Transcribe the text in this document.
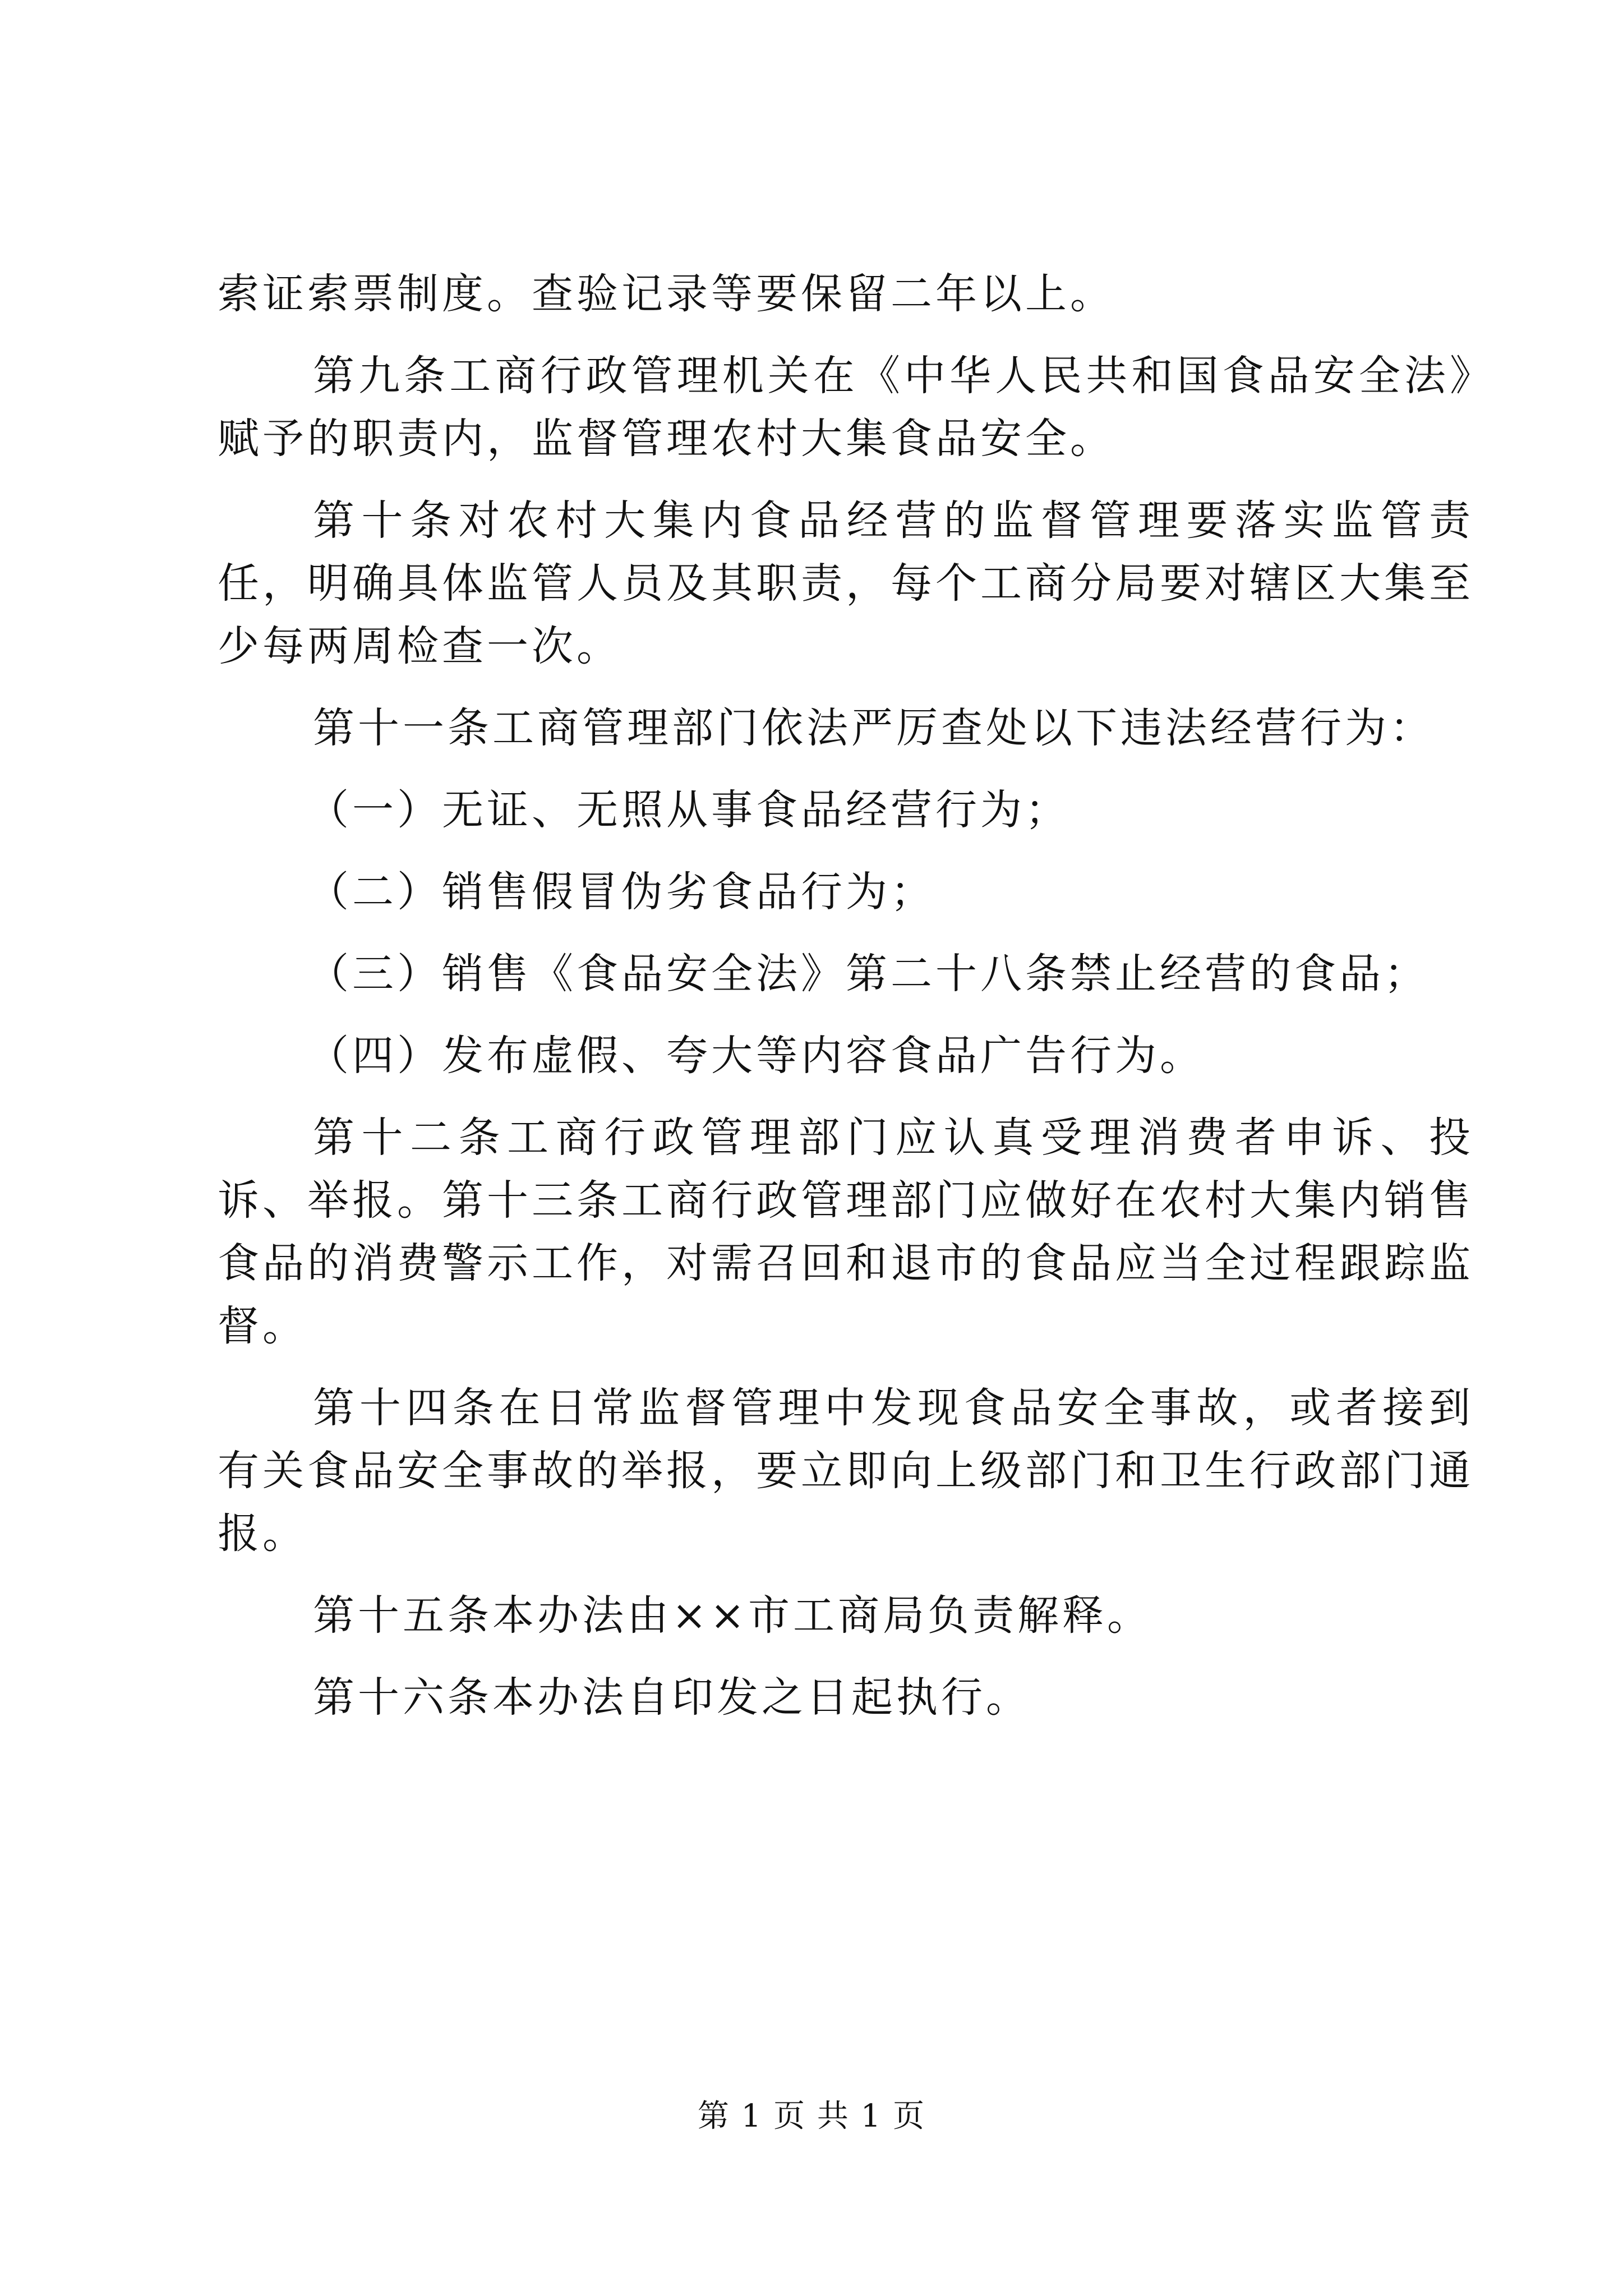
索证索票制度。查验记录等要保留二年以上。

第九条工商行政管理机关在《中华人民共和国食品安全法》赋予的职责内，监督管理农村大集食品安全。

第十条对农村大集内食品经营的监督管理要落实监管责任，明确具体监管人员及其职责，每个工商分局要对辖区大集至少每两周检查一次。

第十一条工商管理部门依法严厉查处以下违法经营行为：

（一）无证、无照从事食品经营行为；

（二）销售假冒伪劣食品行为；

（三）销售《食品安全法》第二十八条禁止经营的食品；

（四）发布虚假、夸大等内容食品广告行为。

第十二条工商行政管理部门应认真受理消费者申诉、投诉、举报。第十三条工商行政管理部门应做好在农村大集内销售食品的消费警示工作，对需召回和退市的食品应当全过程跟踪监督。

第十四条在日常监督管理中发现食品安全事故，或者接到有关食品安全事故的举报，要立即向上级部门和卫生行政部门通报。

第十五条本办法由××市工商局负责解释。

第十六条本办法自印发之日起执行。

第 1 页 共 1 页
